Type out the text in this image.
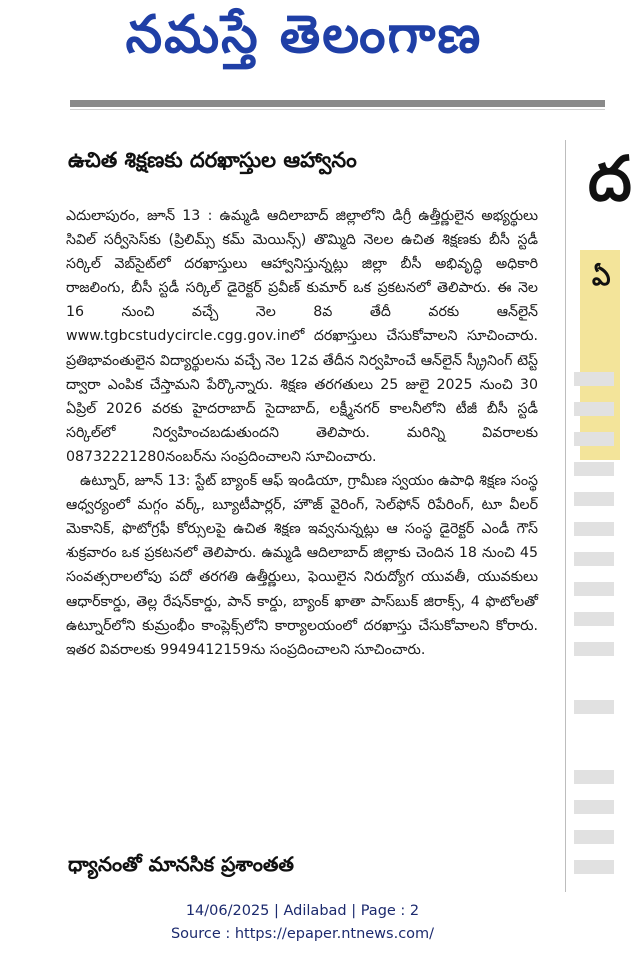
నమస్తే తెలంగాణ
ఉచిత శిక్షణకు దరఖాస్తుల ఆహ్వానం

ఎదులాపురం, జూన్ 13 : ఉమ్మడి ఆదిలాబాద్ జిల్లాలోని డిగ్రీ ఉత్తీర్ణులైన అభ్యర్థులు సివిల్ సర్వీసెస్‌కు (ప్రిలిమ్స్ కమ్ మెయిన్స్) తొమ్మిది నెలల ఉచిత శిక్షణకు బీసీ స్టడీ సర్కిల్ వెబ్‌సైట్‌లో దరఖాస్తులు ఆహ్వానిస్తున్నట్లు జిల్లా బీసీ అభివృద్ధి అధికారి రాజలింగు, బీసీ స్టడీ సర్కిల్ డైరెక్టర్ ప్రవీణ్ కుమార్ ఒక ప్రకటనలో తెలిపారు. ఈ నెల 16 నుంచి వచ్చే నెల 8వ తేదీ వరకు ఆన్‌లైన్ www.tgbcstudycircle.cgg.gov.inలో దరఖాస్తులు చేసుకోవాలని సూచించారు. ప్రతిభావంతులైన విద్యార్థులను వచ్చే నెల 12వ తేదీన నిర్వహించే ఆన్‌లైన్ స్క్రీనింగ్ టెస్ట్ ద్వారా ఎంపిక చేస్తామని పేర్కొన్నారు. శిక్షణ తరగతులు 25 జులై 2025 నుంచి 30 ఏప్రిల్ 2026 వరకు హైదరాబాద్ సైదాబాద్, లక్ష్మీనగర్ కాలనీలోని టీజీ బీసీ స్టడీ సర్కిల్‌లో నిర్వహించబడుతుందని తెలిపారు. మరిన్ని వివరాలకు 08732221280నంబర్‌ను సంప్రదించాలని సూచించారు.

ఉట్నూర్, జూన్ 13: స్టేట్ బ్యాంక్ ఆఫ్ ఇండియా, గ్రామీణ స్వయం ఉపాధి శిక్షణ సంస్థ ఆధ్వర్యంలో మగ్గం వర్క్, బ్యూటీపార్లర్, హౌజ్ వైరింగ్, సెల్‌ఫోన్ రిపేరింగ్, టూ వీలర్ మెకానిక్, ఫొటోగ్రఫీ కోర్సులపై ఉచిత శిక్షణ ఇవ్వనున్నట్లు ఆ సంస్థ డైరెక్టర్ ఎండీ గౌస్ శుక్రవారం ఒక ప్రకటనలో తెలిపారు. ఉమ్మడి ఆదిలాబాద్ జిల్లాకు చెందిన 18 నుంచి 45 సంవత్సరాలలోపు పదో తరగతి ఉత్తీర్ణులు, ఫెయిలైన నిరుద్యోగ యువతీ, యువకులు ఆధార్‌కార్డు, తెల్ల రేషన్‌కార్డు, పాన్ కార్డు, బ్యాంక్ ఖాతా పాస్‌బుక్ జిరాక్స్, 4 ఫొటోలతో ఉట్నూర్‌లోని కుమ్రంభీం కాంప్లెక్స్‌లోని కార్యాలయంలో దరఖాస్తు చేసుకోవాలని కోరారు. ఇతర వివరాలకు 9949412159ను సంప్రదించాలని సూచించారు.

ధ్యానంతో మానసిక ప్రశాంతత
ద
ఏ
14/06/2025 | Adilabad | Page : 2
Source : https://epaper.ntnews.com/
